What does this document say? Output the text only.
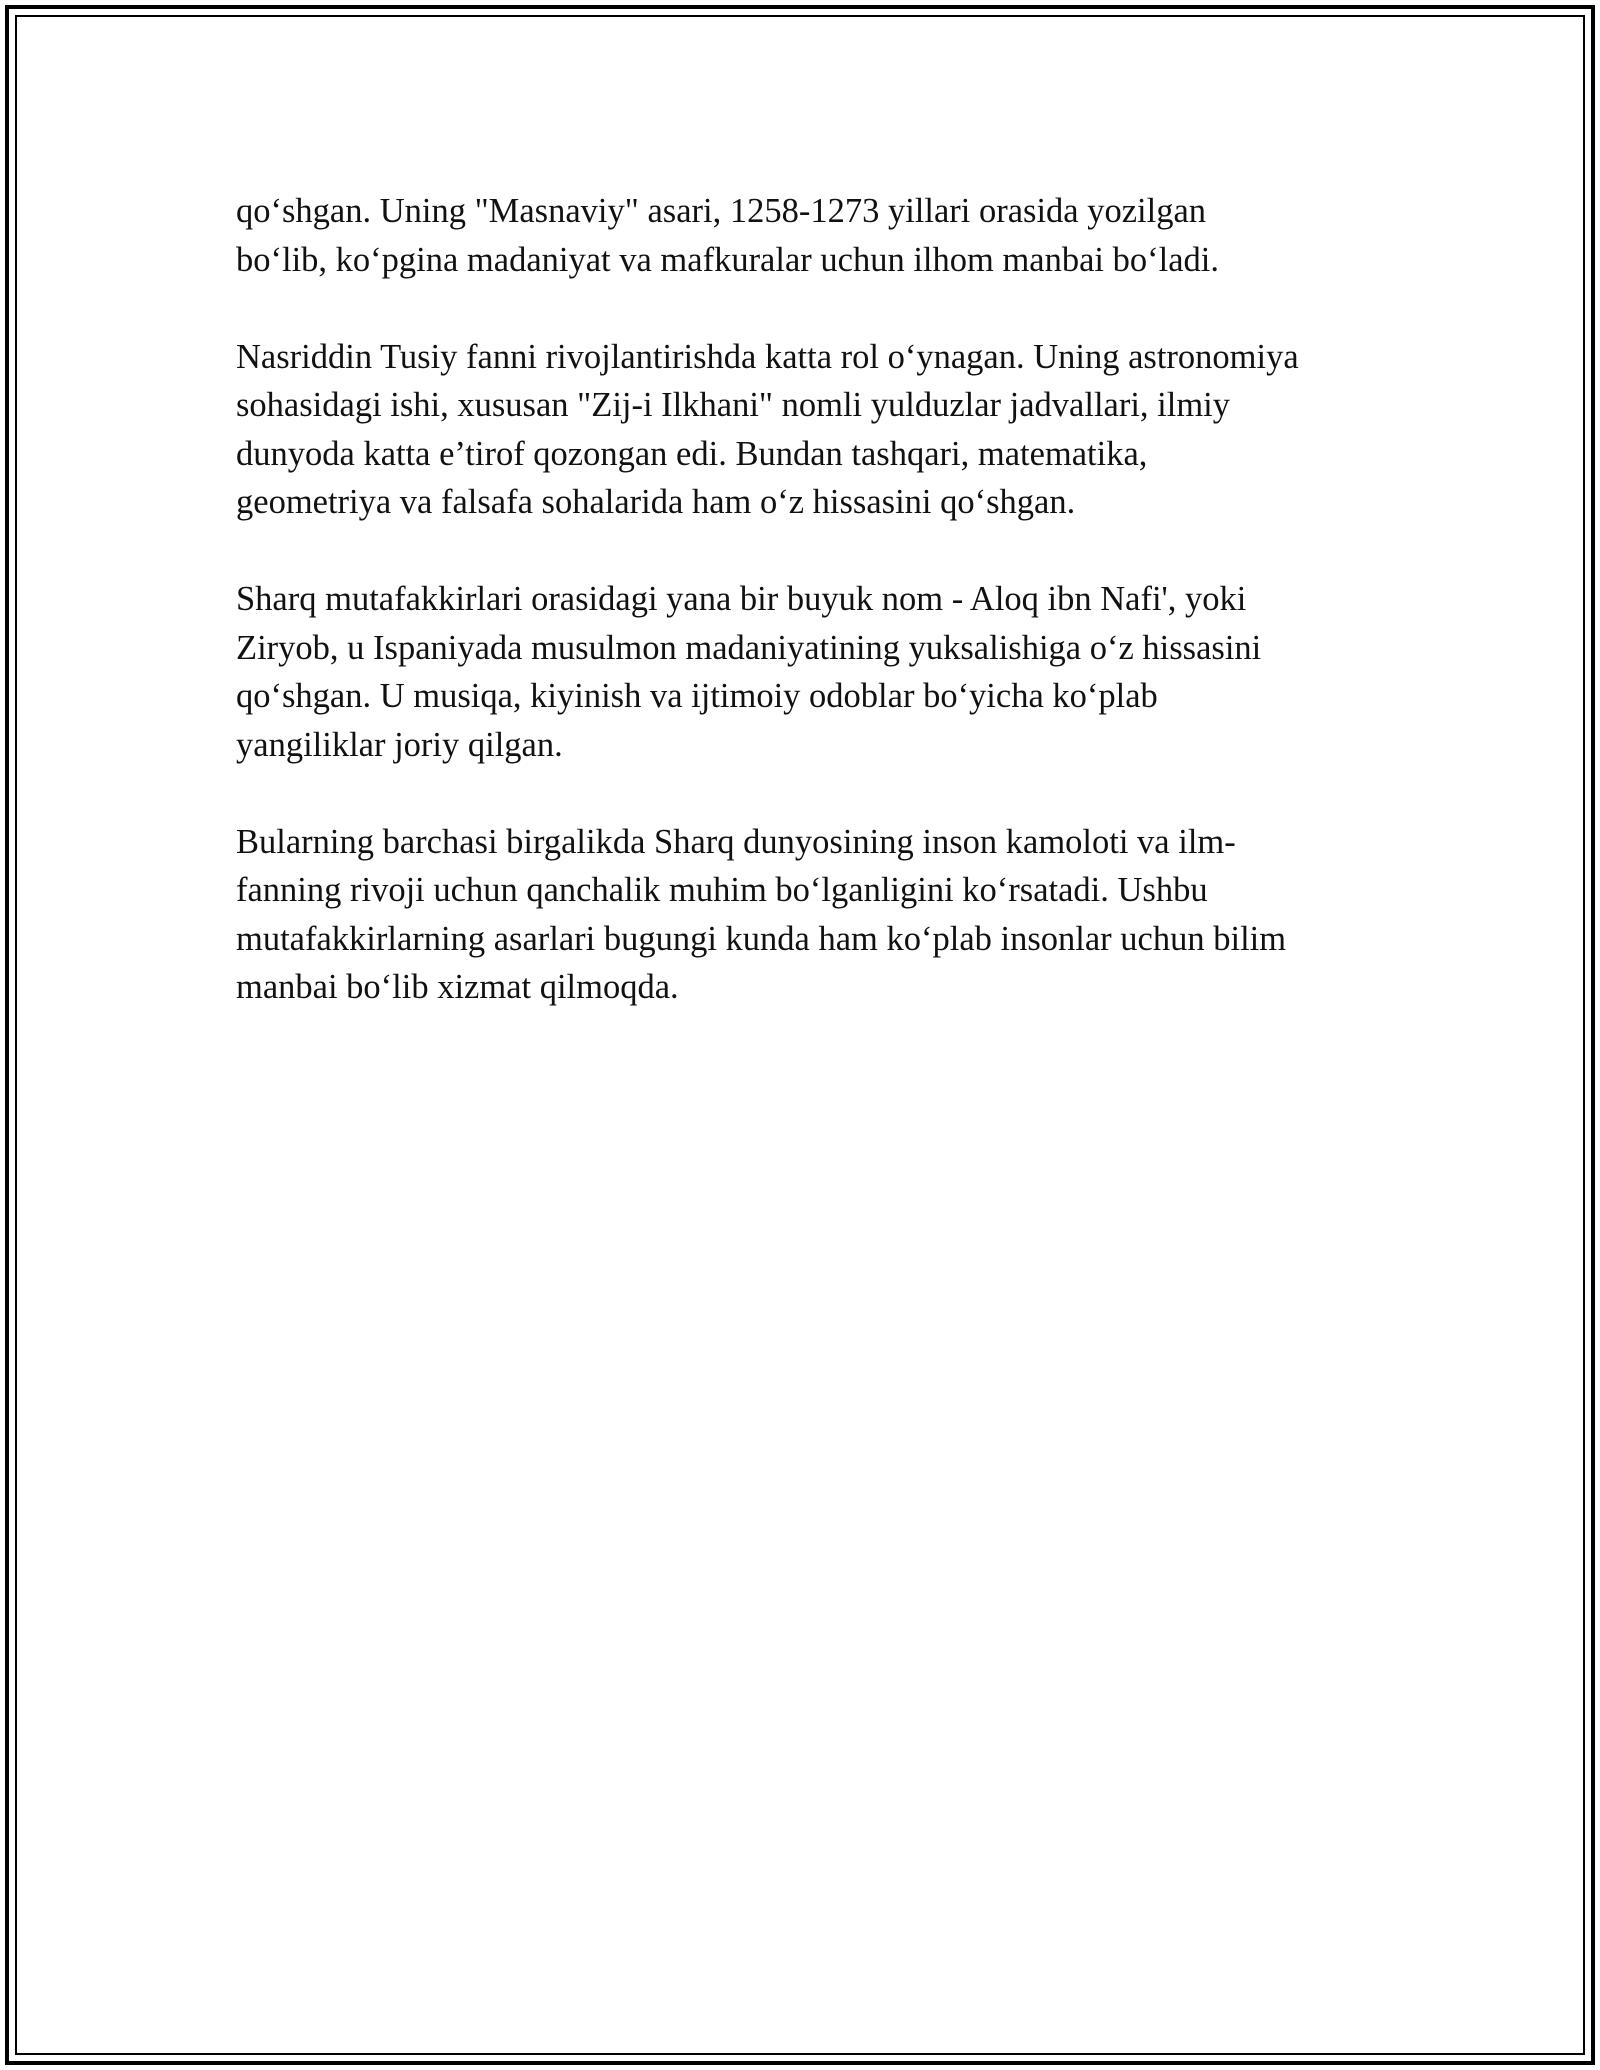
qo‘shgan. Uning "Masnaviy" asari, 1258-1273 yillari orasida yozilgan
bo‘lib, ko‘pgina madaniyat va mafkuralar uchun ilhom manbai bo‘ladi.

Nasriddin Tusiy fanni rivojlantirishda katta rol o‘ynagan. Uning astronomiya
sohasidagi ishi, xususan "Zij-i Ilkhani" nomli yulduzlar jadvallari, ilmiy
dunyoda katta e’tirof qozongan edi. Bundan tashqari, matematika,
geometriya va falsafa sohalarida ham o‘z hissasini qo‘shgan.

Sharq mutafakkirlari orasidagi yana bir buyuk nom - Aloq ibn Nafi', yoki
Ziryob, u Ispaniyada musulmon madaniyatining yuksalishiga o‘z hissasini
qo‘shgan. U musiqa, kiyinish va ijtimoiy odoblar bo‘yicha ko‘plab
yangiliklar joriy qilgan.

Bularning barchasi birgalikda Sharq dunyosining inson kamoloti va ilm-
fanning rivoji uchun qanchalik muhim bo‘lganligini ko‘rsatadi. Ushbu
mutafakkirlarning asarlari bugungi kunda ham ko‘plab insonlar uchun bilim
manbai bo‘lib xizmat qilmoqda.
